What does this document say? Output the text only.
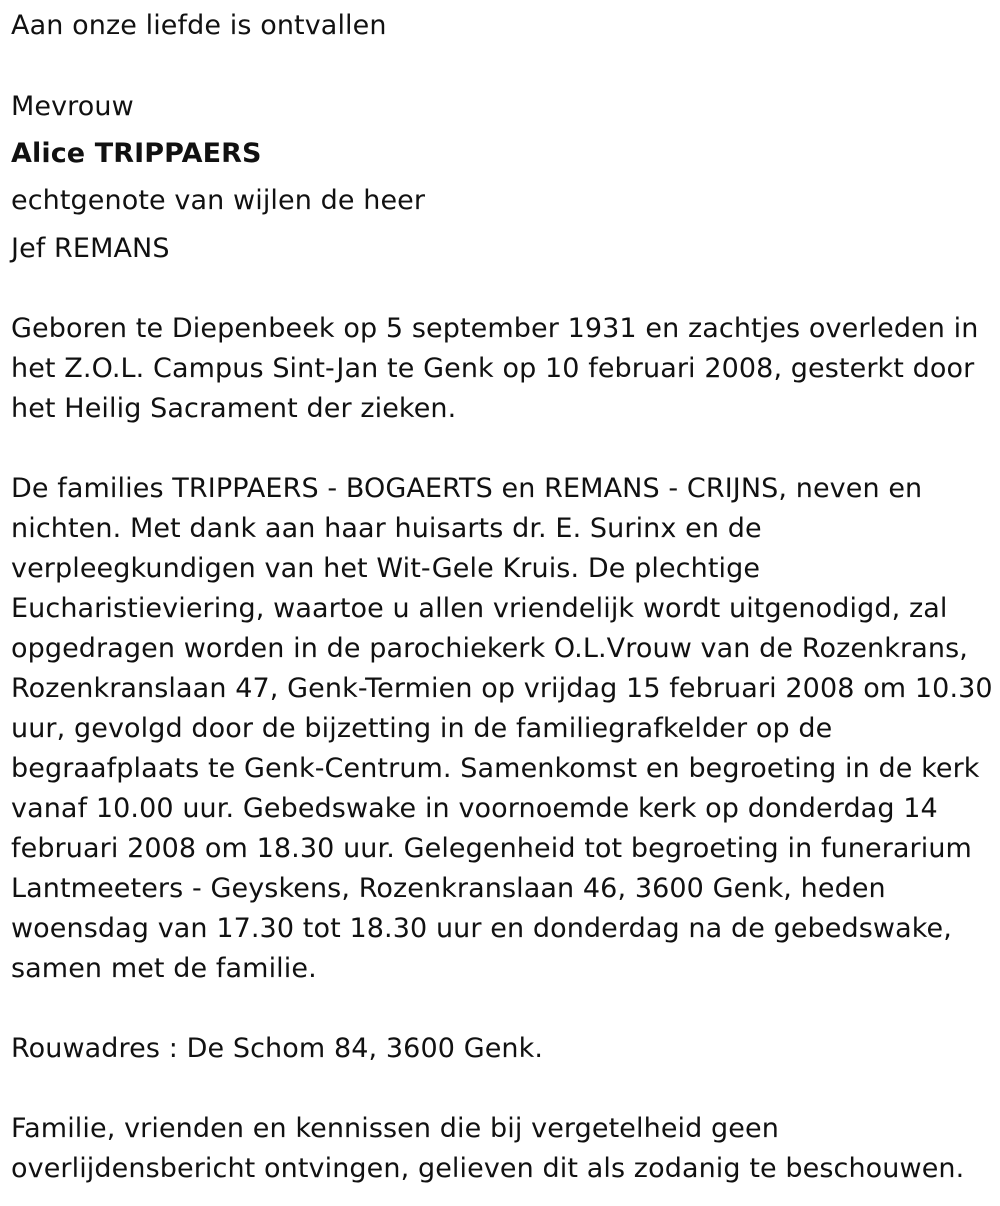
Aan onze liefde is ontvallen

Mevrouw

Alice TRIPPAERS

echtgenote van wijlen de heer

Jef REMANS

Geboren te Diepenbeek op 5 september 1931 en zachtjes overleden in

het Z.O.L. Campus Sint-Jan te Genk op 10 februari 2008, gesterkt door

het Heilig Sacrament der zieken.

De families TRIPPAERS - BOGAERTS en REMANS - CRIJNS, neven en

nichten. Met dank aan haar huisarts dr. E. Surinx en de

verpleegkundigen van het Wit-Gele Kruis. De plechtige

Eucharistieviering, waartoe u allen vriendelijk wordt uitgenodigd, zal

opgedragen worden in de parochiekerk O.L.Vrouw van de Rozenkrans,

Rozenkranslaan 47, Genk-Termien op vrijdag 15 februari 2008 om 10.30

uur, gevolgd door de bijzetting in de familiegrafkelder op de

begraafplaats te Genk-Centrum. Samenkomst en begroeting in de kerk

vanaf 10.00 uur. Gebedswake in voornoemde kerk op donderdag 14

februari 2008 om 18.30 uur. Gelegenheid tot begroeting in funerarium

Lantmeeters - Geyskens, Rozenkranslaan 46, 3600 Genk, heden

woensdag van 17.30 tot 18.30 uur en donderdag na de gebedswake,

samen met de familie.

Rouwadres : De Schom 84, 3600 Genk.

Familie, vrienden en kennissen die bij vergetelheid geen

overlijdensbericht ontvingen, gelieven dit als zodanig te beschouwen.
